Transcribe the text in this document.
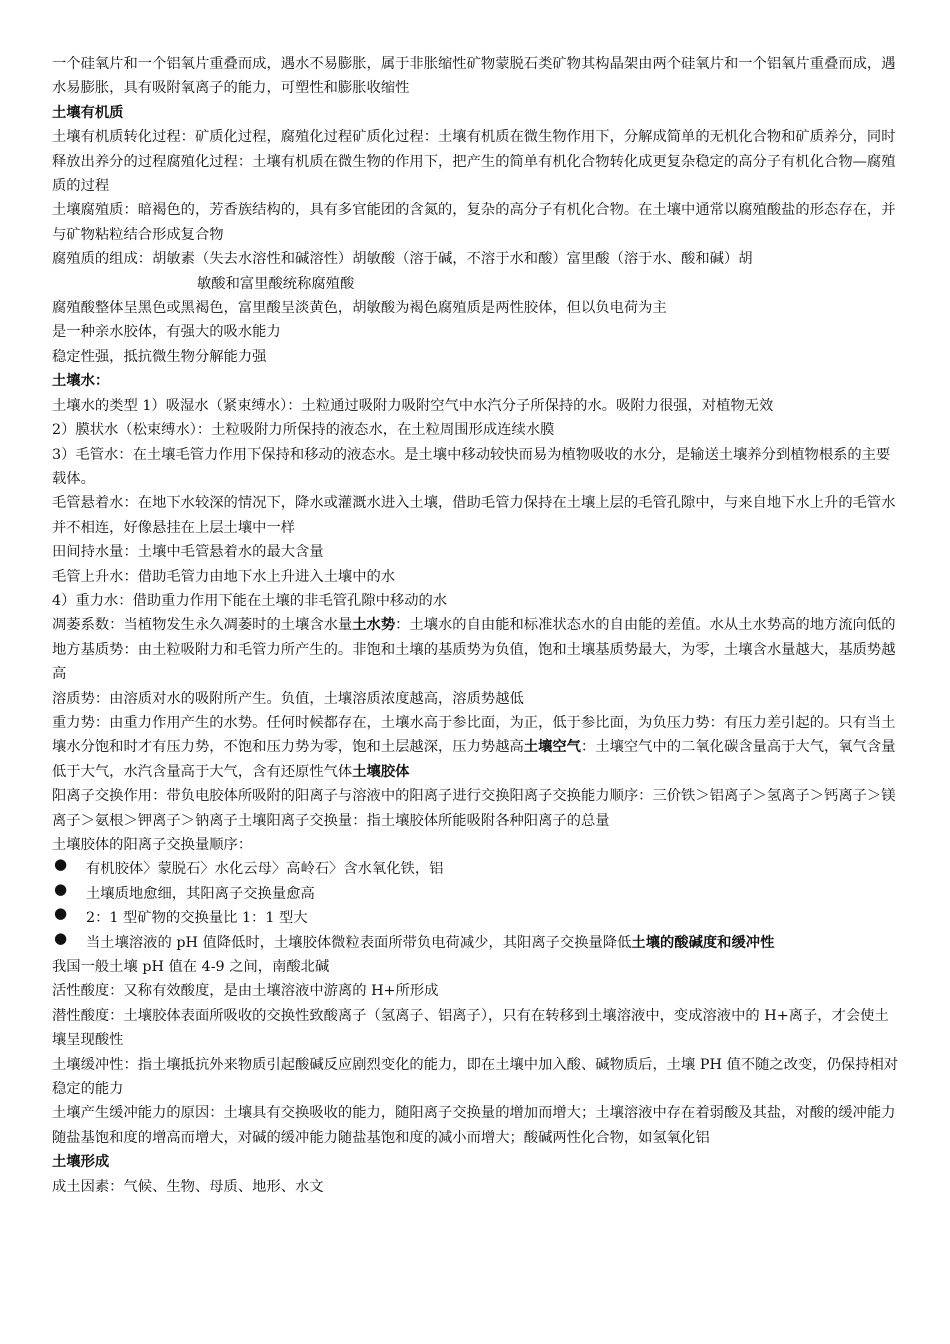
一个硅氧片和一个铝氧片重叠而成，遇水不易膨胀，属于非胀缩性矿物蒙脱石类矿物其构晶架由两个硅氧片和一个铝氧片重叠而成，遇水易膨胀，具有吸附氧离子的能力，可塑性和膨胀收缩性

土壤有机质

土壤有机质转化过程：矿质化过程，腐殖化过程矿质化过程：土壤有机质在微生物作用下，分解成简单的无机化合物和矿质养分，同时释放出养分的过程腐殖化过程：土壤有机质在微生物的作用下，把产生的简单有机化合物转化成更复杂稳定的高分子有机化合物—腐殖质的过程

土壤腐殖质：暗褐色的，芳香族结构的，具有多官能团的含氮的，复杂的高分子有机化合物。在土壤中通常以腐殖酸盐的形态存在，并与矿物粘粒结合形成复合物

腐殖质的组成：胡敏素（失去水溶性和碱溶性）胡敏酸（溶于碱，不溶于水和酸）富里酸（溶于水、酸和碱）胡

敏酸和富里酸统称腐殖酸

腐殖酸整体呈黑色或黑褐色，富里酸呈淡黄色，胡敏酸为褐色腐殖质是两性胶体，但以负电荷为主

是一种亲水胶体，有强大的吸水能力

稳定性强，抵抗微生物分解能力强

土壤水：

土壤水的类型 1）吸湿水（紧束缚水）：土粒通过吸附力吸附空气中水汽分子所保持的水。吸附力很强，对植物无效

2）膜状水（松束缚水）：土粒吸附力所保持的液态水，在土粒周围形成连续水膜

3）毛管水：在土壤毛管力作用下保持和移动的液态水。是土壤中移动较快而易为植物吸收的水分，是输送土壤养分到植物根系的主要载体。

毛管悬着水：在地下水较深的情况下，降水或灌溉水进入土壤，借助毛管力保持在土壤上层的毛管孔隙中，与来自地下水上升的毛管水并不相连，好像悬挂在上层土壤中一样

田间持水量：土壤中毛管悬着水的最大含量

毛管上升水：借助毛管力由地下水上升进入土壤中的水

4）重力水：借助重力作用下能在土壤的非毛管孔隙中移动的水

凋萎系数：当植物发生永久凋萎时的土壤含水量土水势：土壤水的自由能和标准状态水的自由能的差值。水从土水势高的地方流向低的地方基质势：由土粒吸附力和毛管力所产生的。非饱和土壤的基质势为负值，饱和土壤基质势最大，为零，土壤含水量越大，基质势越高

溶质势：由溶质对水的吸附所产生。负值，土壤溶质浓度越高，溶质势越低

重力势：由重力作用产生的水势。任何时候都存在，土壤水高于参比面，为正，低于参比面，为负压力势：有压力差引起的。只有当土壤水分饱和时才有压力势，不饱和压力势为零，饱和土层越深，压力势越高土壤空气：土壤空气中的二氧化碳含量高于大气，氧气含量低于大气，水汽含量高于大气，含有还原性气体土壤胶体

阳离子交换作用：带负电胶体所吸附的阳离子与溶液中的阳离子进行交换阳离子交换能力顺序：三价铁＞铝离子＞氢离子＞钙离子＞镁离子＞氨根＞钾离子＞钠离子土壤阳离子交换量：指土壤胶体所能吸附各种阳离子的总量

土壤胶体的阳离子交换量顺序：

● 有机胶体〉蒙脱石〉水化云母〉高岭石〉含水氧化铁，铝

● 土壤质地愈细，其阳离子交换量愈高

● 2：1 型矿物的交换量比 1：1 型大

● 当土壤溶液的 pH 值降低时，土壤胶体微粒表面所带负电荷减少，其阳离子交换量降低土壤的酸碱度和缓冲性

我国一般土壤 pH 值在 4-9 之间，南酸北碱

活性酸度：又称有效酸度，是由土壤溶液中游离的 H+所形成

潜性酸度：土壤胶体表面所吸收的交换性致酸离子（氢离子、铝离子），只有在转移到土壤溶液中，变成溶液中的 H+离子，才会使土壤呈现酸性

土壤缓冲性：指土壤抵抗外来物质引起酸碱反应剧烈变化的能力，即在土壤中加入酸、碱物质后，土壤 PH 值不随之改变，仍保持相对稳定的能力

土壤产生缓冲能力的原因：土壤具有交换吸收的能力，随阳离子交换量的增加而增大；土壤溶液中存在着弱酸及其盐，对酸的缓冲能力随盐基饱和度的增高而增大，对碱的缓冲能力随盐基饱和度的减小而增大；酸碱两性化合物，如氢氧化铝

土壤形成

成土因素：气候、生物、母质、地形、水文
